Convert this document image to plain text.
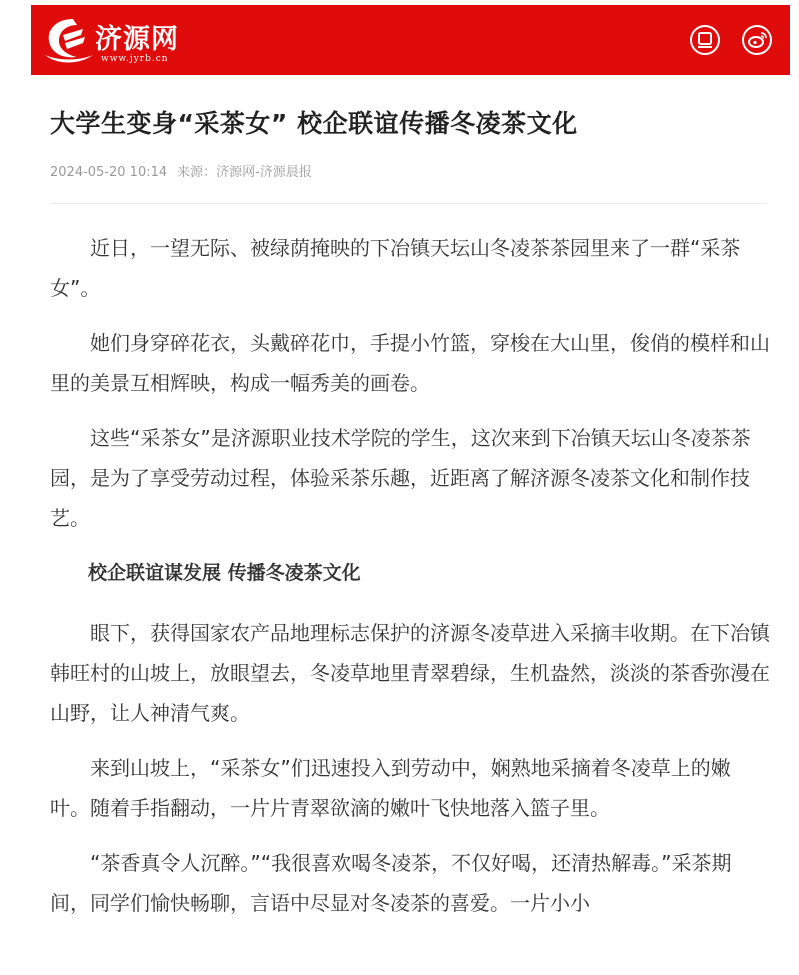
济源网
www.jyrb.cn
大学生变身“采茶女” 校企联谊传播冬凌茶文化
2024-05-20 10:14 来源：济源网-济源晨报

近日，一望无际、被绿荫掩映的下冶镇天坛山冬凌茶茶园里来了一群“采茶女”。

她们身穿碎花衣，头戴碎花巾，手提小竹篮，穿梭在大山里，俊俏的模样和山里的美景互相辉映，构成一幅秀美的画卷。

这些“采茶女”是济源职业技术学院的学生，这次来到下冶镇天坛山冬凌茶茶园，是为了享受劳动过程，体验采茶乐趣，近距离了解济源冬凌茶文化和制作技艺。

校企联谊谋发展 传播冬凌茶文化

眼下，获得国家农产品地理标志保护的济源冬凌草进入采摘丰收期。在下冶镇韩旺村的山坡上，放眼望去，冬凌草地里青翠碧绿，生机盎然，淡淡的茶香弥漫在山野，让人神清气爽。

来到山坡上，“采茶女”们迅速投入到劳动中，娴熟地采摘着冬凌草上的嫩叶。随着手指翻动，一片片青翠欲滴的嫩叶飞快地落入篮子里。

“茶香真令人沉醉。”“我很喜欢喝冬凌茶，不仅好喝，还清热解毒。”采茶期间，同学们愉快畅聊，言语中尽显对冬凌茶的喜爱。一片小小
